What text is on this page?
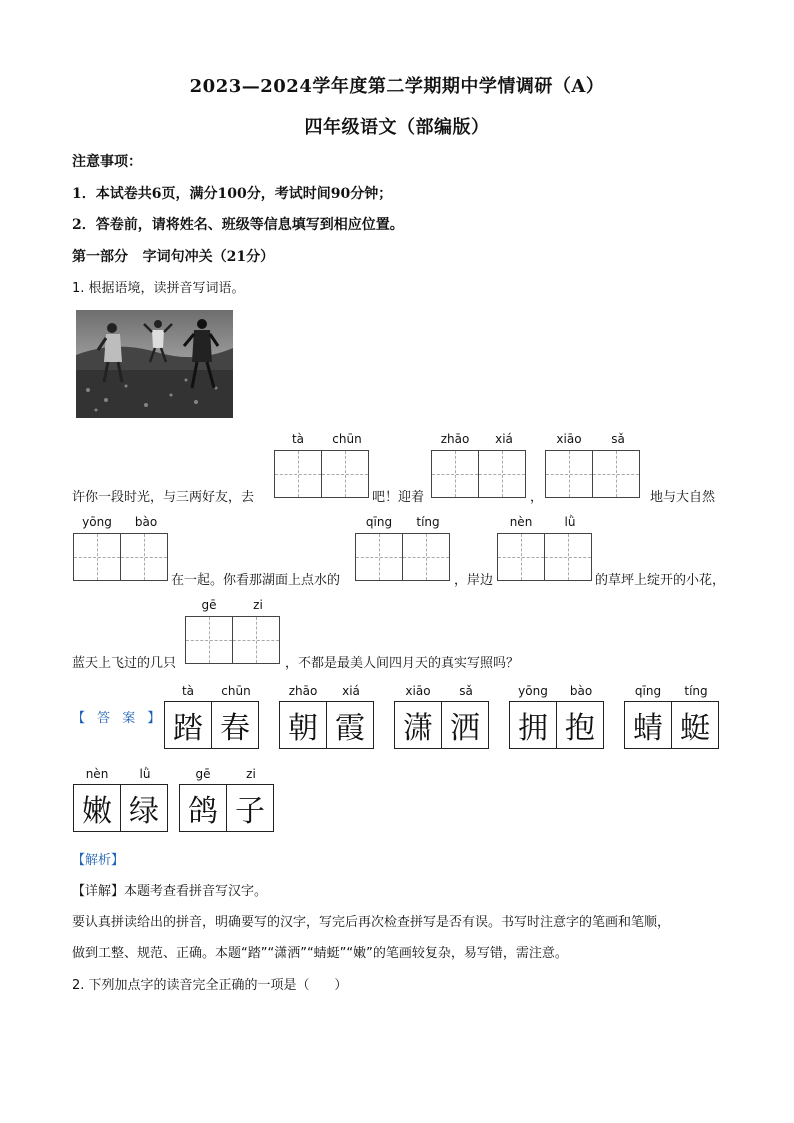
2023—2024学年度第二学期期中学情调研（A）
四年级语文（部编版）
注意事项：
1．本试卷共6页，满分100分，考试时间90分钟；
2．答卷前，请将姓名、班级等信息填写到相应位置。
第一部分   字词句冲关（21分）
1. 根据语境，读拼音写词语。
tà	chūn	zhāo	xiá	xiāo	sǎ
许你一段时光，与三两好友，去	吧！迎着	，	地与大自然
yōng	bào	qīng	tíng	nèn	lǜ
在一起。你看那湖面上点水的	，岸边	的草坪上绽开的小花，
gē	zi
蓝天上飞过的几只	，不都是最美人间四月天的真实写照吗？
【 答 案 】
tà	chūn	zhāo	xiá	xiāo	sǎ	yōng	bào	qīng	tíng
踏 春	朝 霞	潇 洒	拥 抱	蜻 蜓
nèn	lǜ	gē	zi
嫩 绿 鸽 子
【解析】
【详解】本题考查看拼音写汉字。
要认真拼读给出的拼音，明确要写的汉字，写完后再次检查拼写是否有误。书写时注意字的笔画和笔顺，
做到工整、规范、正确。本题“踏”“潇洒”“蜻蜓”“嫩”的笔画较复杂，易写错，需注意。
2. 下列加点字的读音完全正确的一项是（      ）
